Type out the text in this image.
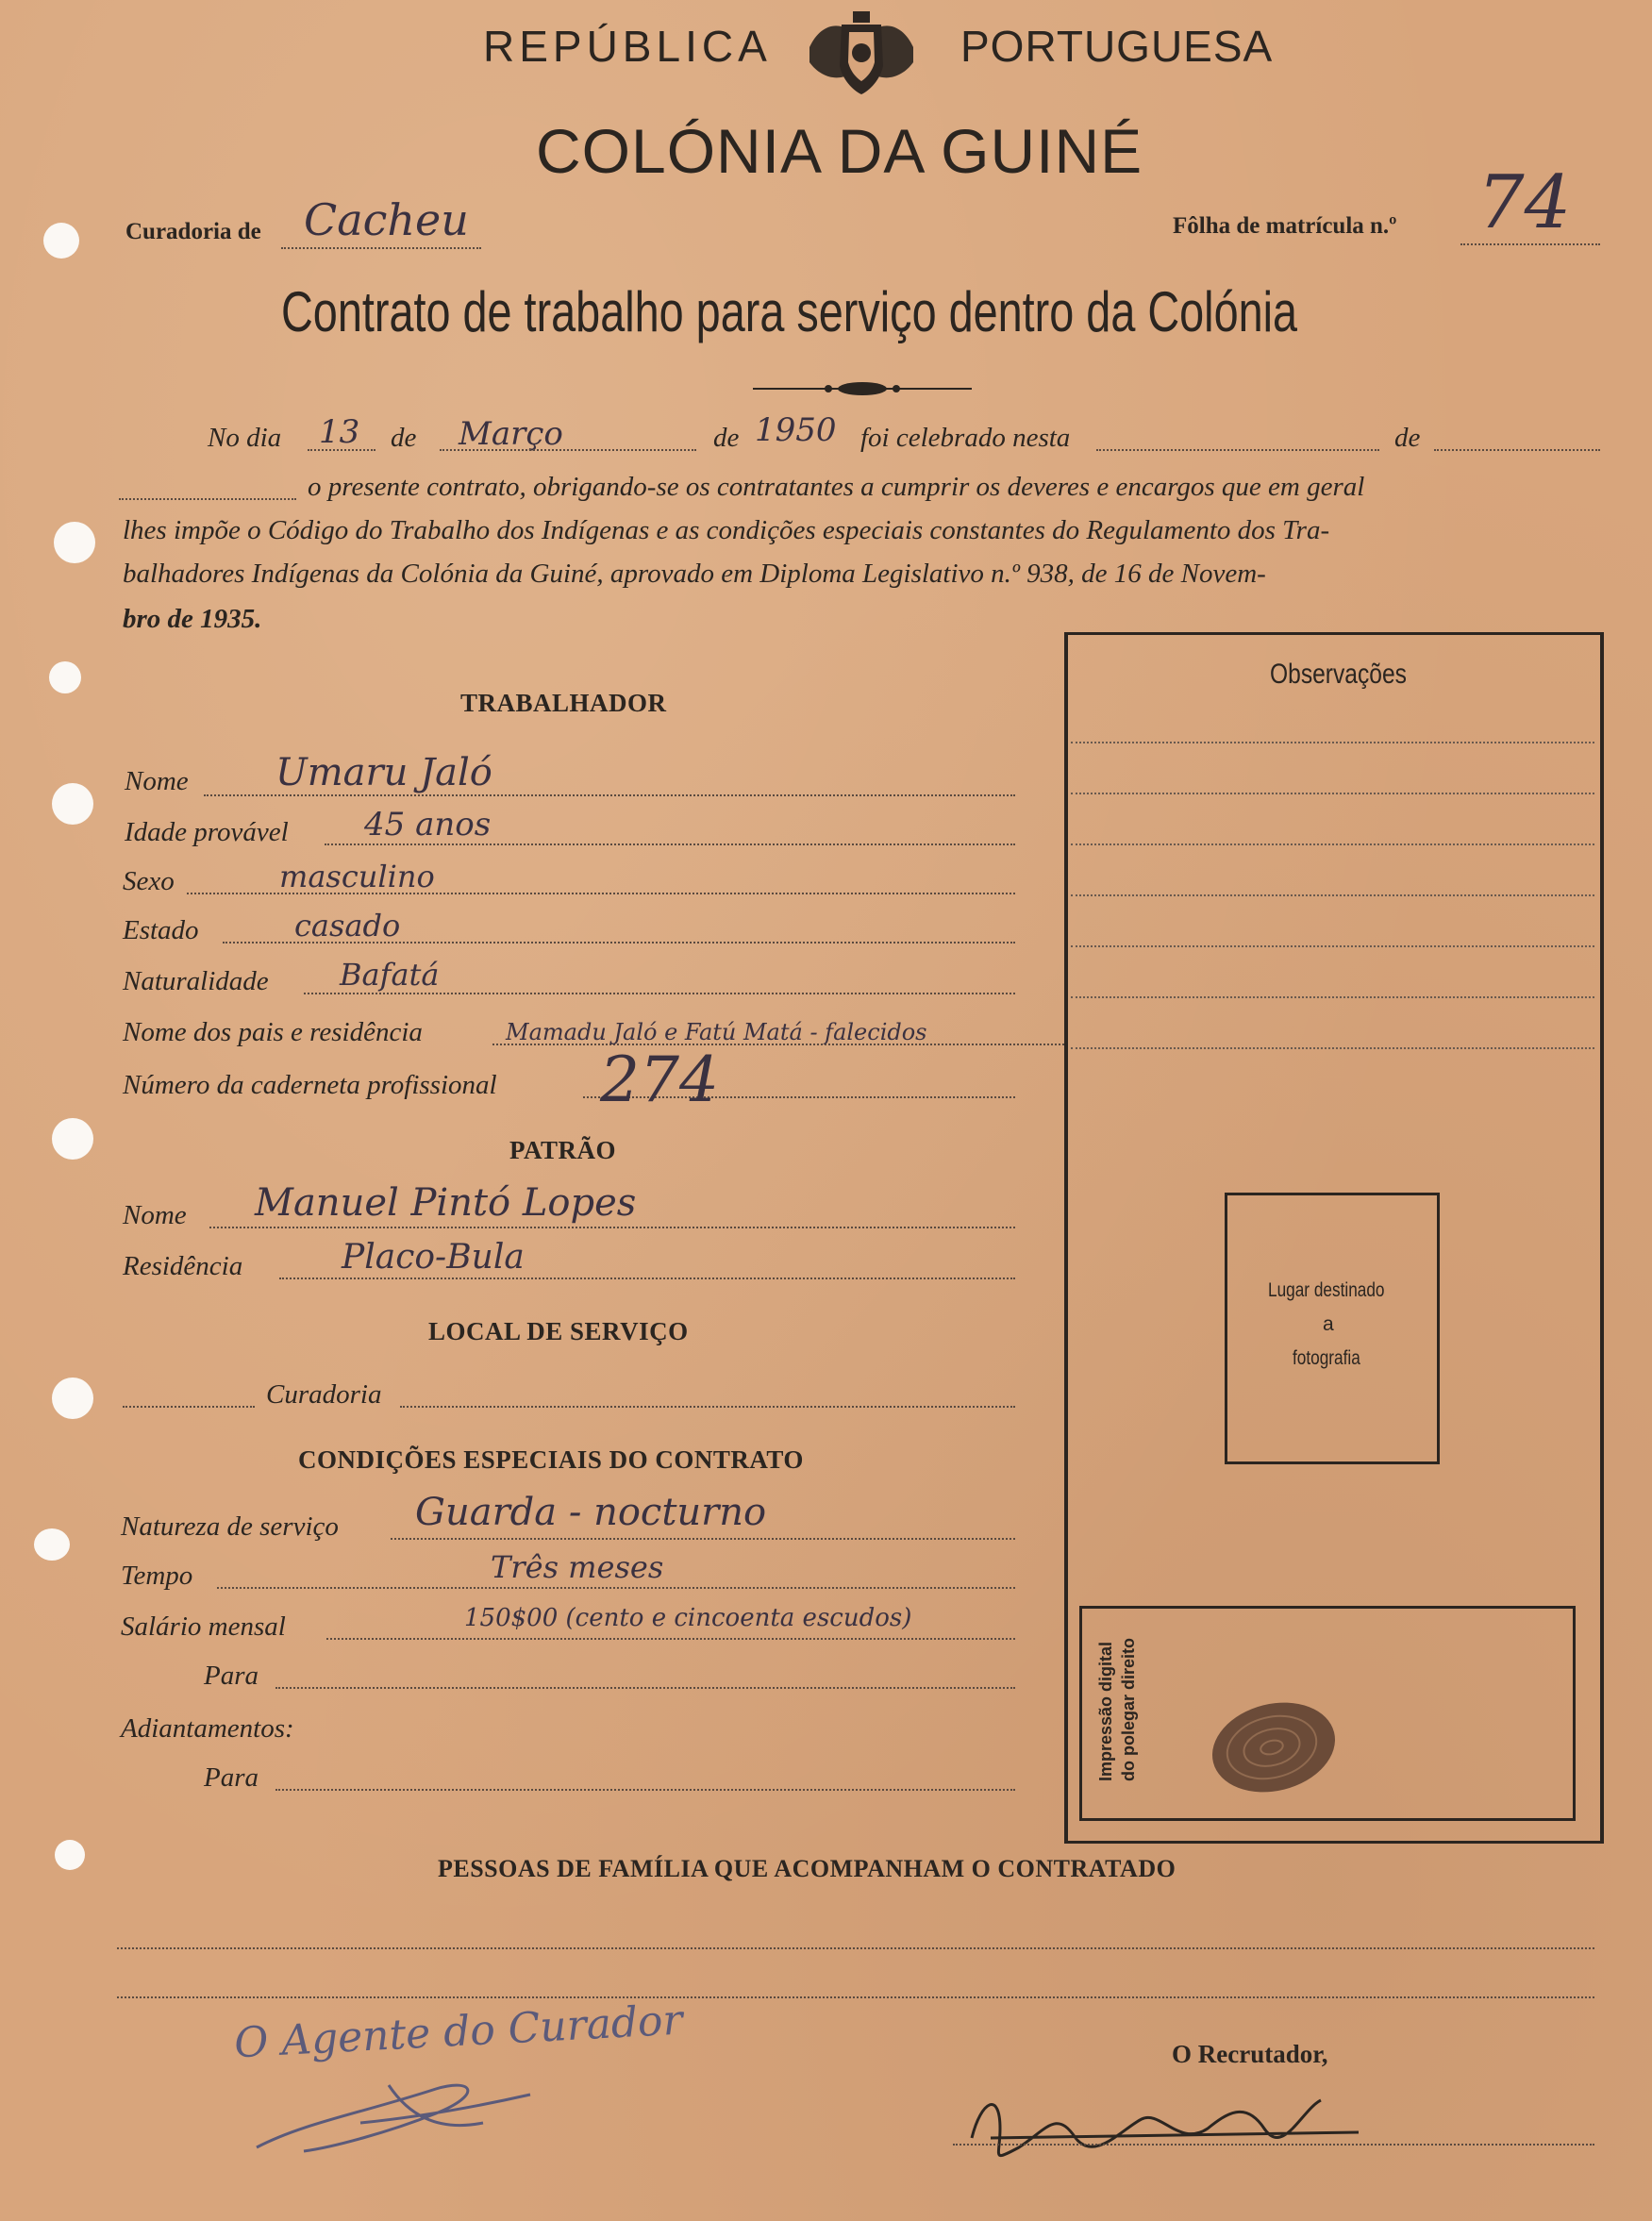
REPÚBLICA	PORTUGUESA
COLÓNIA DA GUINÉ
Curadoria de Cacheu	Fôlha de matrícula n.º 74
Contrato de trabalho para serviço dentro da Colónia
No dia 13 de Março	de 1950 foi celebrado nesta	de
o presente contrato, obrigando-se os contratantes a cumprir os deveres e encargos que em geral
lhes impõe o Código do Trabalho dos Indígenas e as condições especiais constantes do Regulamento dos Tra-
balhadores Indígenas da Colónia da Guiné, aprovado em Diploma Legislativo n.º 938, de 16 de Novem-
bro de 1935.
TRABALHADOR
Nome Umaru Jaló
Idade provável 45 anos
Sexo	masculino
Estado	casado
Naturalidade Bafatá
Nome dos pais e residência	Mamadu Jaló e Fatú Matá - falecidos
Número da caderneta profissional 274
PATRÃO
Nome Manuel Pintó Lopes
Residência	Placo-Bula
LOCAL DE SERVIÇO
Curadoria
CONDIÇÕES ESPECIAIS DO CONTRATO
Natureza de serviço Guarda - nocturno
Tempo	Três meses
Salário mensal	150$00 (cento e cincoenta escudos)
Para
Adiantamentos:
Para
Observações
Lugar destinado
a
fotografia
Impressão digital do polegar direito
PESSOAS DE FAMÍLIA QUE ACOMPANHAM O CONTRATADO
O Agente do Curador	O Recrutador,
